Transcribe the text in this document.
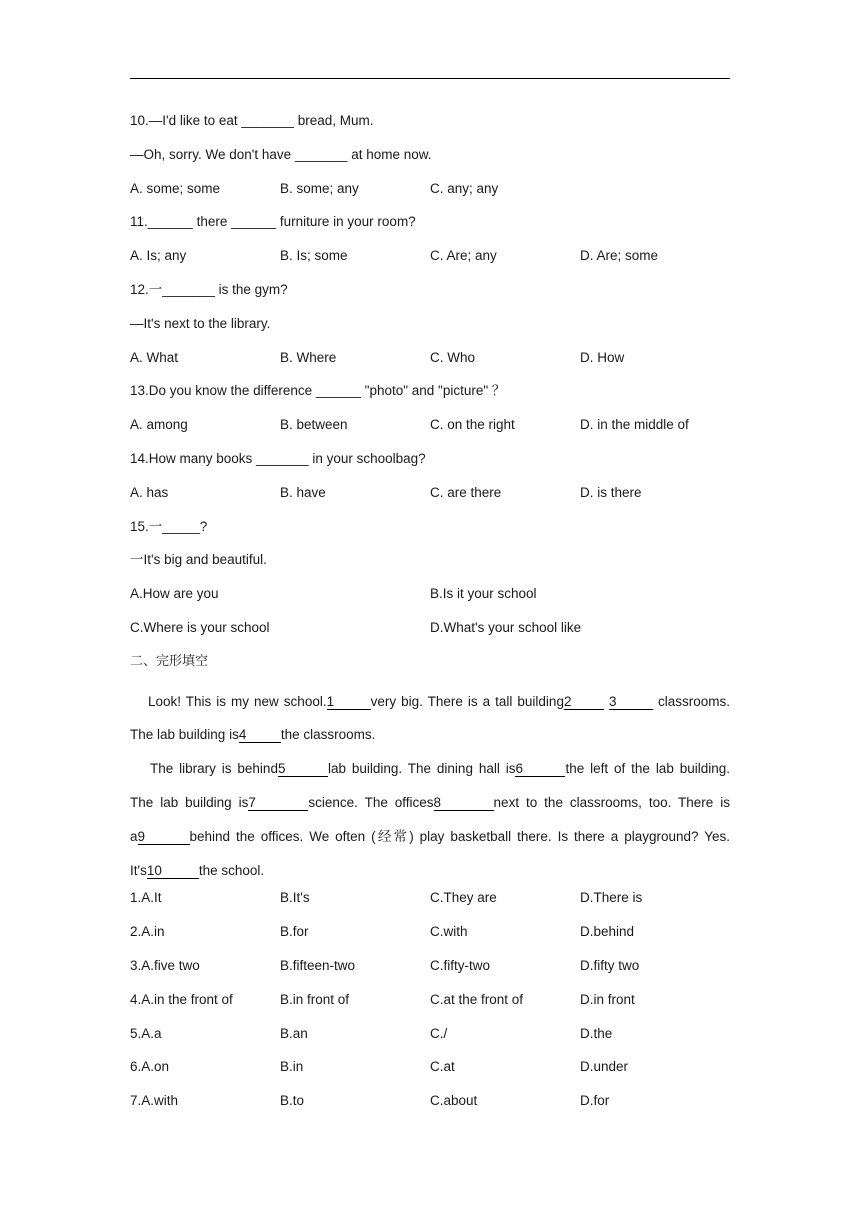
10.—I'd like to eat _______ bread, Mum.
—Oh, sorry. We don't have _______ at home now.
A. some; some	B. some; any	C. any; any
11.______ there ______ furniture in your room?
A. Is; any	B. Is; some	C. Are; any	D. Are; some
12.一_______ is the gym?
—It's next to the library.
A. What	B. Where	C. Who	D. How
13.Do you know the difference ______ "photo" and "picture" ？
A. among	B. between	C. on the right	D. in the middle of
14.How many books _______ in your schoolbag?
A. has	B. have	C. are there	D. is there
15.一_____?
一It's big and beautiful.
A.How are you	B.Is it your school
C.Where is your school	D.What's your school like
二、完形填空
Look! This is my new school.1	very big. There is a tall building2	3	classrooms.
The lab building is4	the classrooms.
The library is behind5	lab building. The dining hall is6	the left of the lab building.
The lab building is7	science. The offices8	next to the classrooms, too. There is
a9	behind the offices. We often (经常) play basketball there. Is there a playground? Yes.
It's10	the school.
1.A.It	B.It's	C.They are	D.There is
2.A.in	B.for	C.with	D.behind
3.A.five two	B.fifteen-two	C.fifty-two	D.fifty two
4.A.in the front of	B.in front of	C.at the front of	D.in front
5.A.a	B.an	C./	D.the
6.A.on	B.in	C.at	D.under
7.A.with	B.to	C.about	D.for
